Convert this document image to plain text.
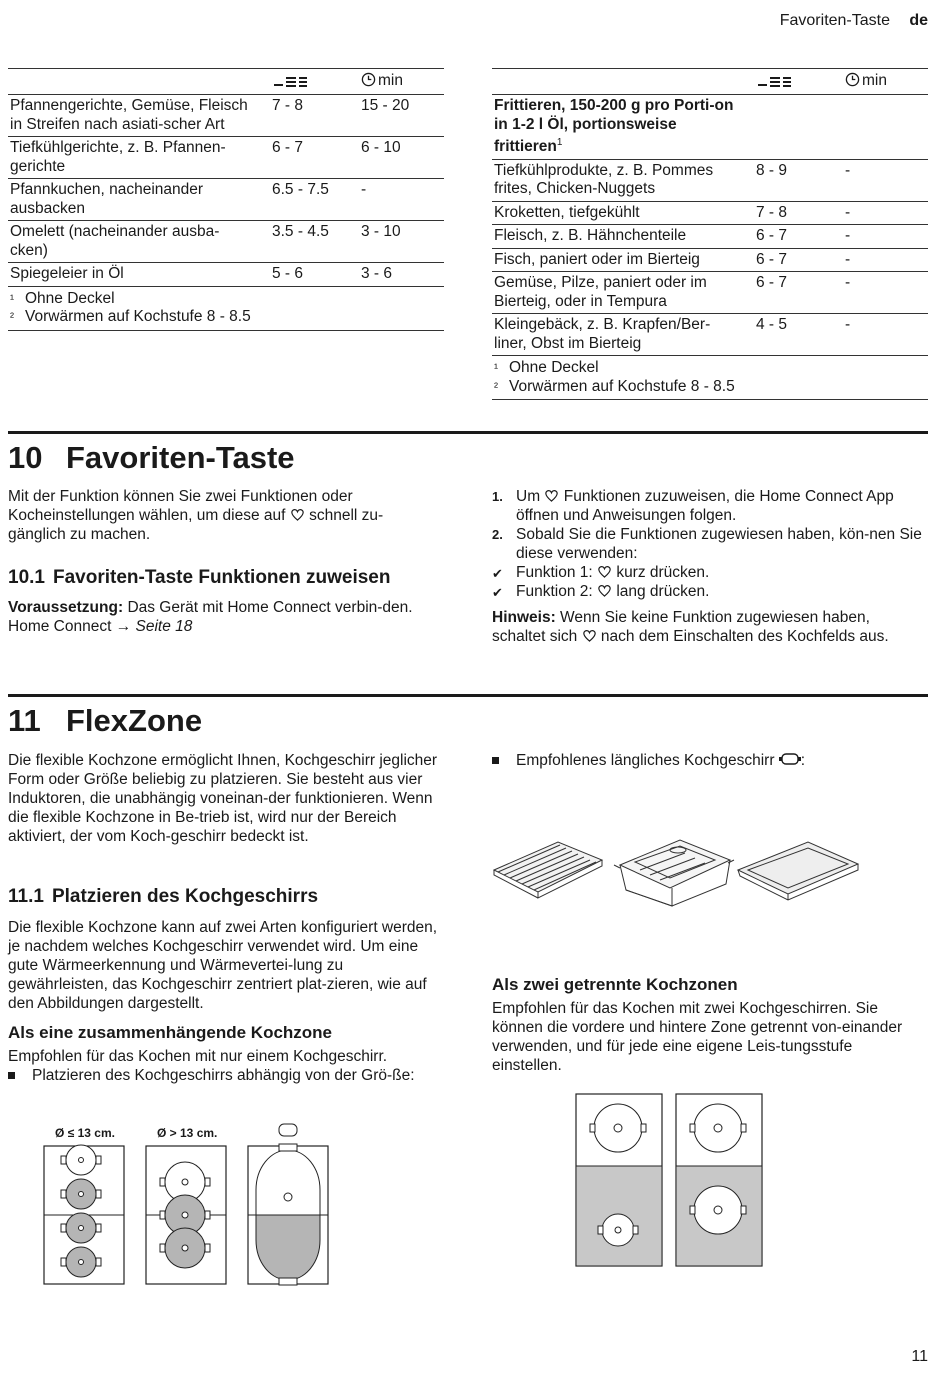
Favoriten-Taste de
		min
Pfannengerichte, Gemüse, Fleisch in Streifen nach asiati-scher Art	7 - 8	15 - 20
Tiefkühlgerichte, z. B. Pfannen-gerichte	6 - 7	6 - 10
Pfannkuchen, nacheinander ausbacken	6.5 - 7.5	-
Omelett (nacheinander ausba-cken)	3.5 - 4.5	3 - 10
Spiegeleier in Öl	5 - 6	3 - 6

¹ Ohne Deckel
² Vorwärmen auf Kochstufe 8 - 8.5		
		min
Frittieren, 150-200 g pro Porti-on in 1-2 l Öl, portionsweise frittieren$^1$
Tiefkühlprodukte, z. B. Pommes frites, Chicken-Nuggets	8 - 9	-
Kroketten, tiefgekühlt	7 - 8	-
Fleisch, z. B. Hähnchenteile	6 - 7	-
Fisch, paniert oder im Bierteig	6 - 7	-
Gemüse, Pilze, paniert oder im Bierteig, oder in Tempura	6 - 7	-
Kleingebäck, z. B. Krapfen/Ber-liner, Obst im Bierteig	4 - 5	-

¹ Ohne Deckel
² Vorwärmen auf Kochstufe 8 - 8.5		
10 Favoriten-Taste
Mit der Funktion können Sie zwei Funktionen oder Kocheinstellungen wählen, um diese auf schnell zu-gänglich zu machen.
10.1 Favoriten-Taste Funktionen zuweisen
Voraussetzung: Das Gerät mit Home Connect verbin-den. Home Connect → Seite 18
1. Um Funktionen zuzuweisen, die Home Connect App öffnen und Anweisungen folgen.
2. Sobald Sie die Funktionen zugewiesen haben, kön-nen Sie diese verwenden:
✔ Funktion 1: kurz drücken.
✔ Funktion 2: lang drücken.
Hinweis: Wenn Sie keine Funktion zugewiesen haben, schaltet sich nach dem Einschalten des Kochfelds aus.
11 FlexZone
Die flexible Kochzone ermöglicht Ihnen, Kochgeschirr jeglicher Form oder Größe beliebig zu platzieren. Sie besteht aus vier Induktoren, die unabhängig voneinan-der funktionieren. Wenn die flexible Kochzone in Be-trieb ist, wird nur der Bereich aktiviert, der vom Koch-geschirr bedeckt ist.
11.1 Platzieren des Kochgeschirrs
Die flexible Kochzone kann auf zwei Arten konfiguriert werden, je nachdem welches Kochgeschirr verwendet wird. Um eine gute Wärmeerkennung und Wärmevertei-lung zu gewährleisten, das Kochgeschirr zentriert plat-zieren, wie auf den Abbildungen dargestellt.
Als eine zusammenhängende Kochzone
Empfohlen für das Kochen mit nur einem Kochgeschirr.
Platzieren des Kochgeschirrs abhängig von der Grö-ße:
Ø ≤ 13 cm.	Ø > 13 cm.
Empfohlenes längliches Kochgeschirr :
Als zwei getrennte Kochzonen
Empfohlen für das Kochen mit zwei Kochgeschirren. Sie können die vordere und hintere Zone getrennt von-einander verwenden, und für jede eine eigene Leis-tungsstufe einstellen.
11
